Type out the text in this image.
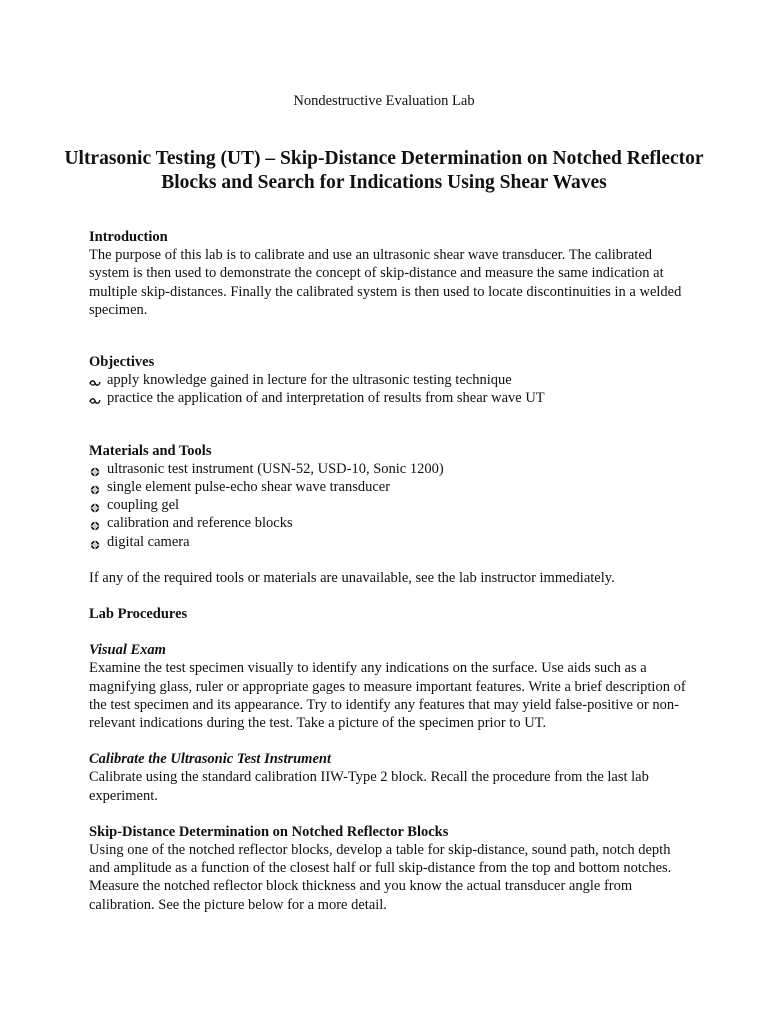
Nondestructive Evaluation Lab
Ultrasonic Testing (UT) – Skip-Distance Determination on Notched Reflector Blocks and Search for Indications Using Shear Waves

Introduction

The purpose of this lab is to calibrate and use an ultrasonic shear wave transducer. The calibrated system is then used to demonstrate the concept of skip-distance and measure the same indication at multiple skip-distances. Finally the calibrated system is then used to locate discontinuities in a welded specimen.

Objectives

apply knowledge gained in lecture for the ultrasonic testing technique
practice the application of and interpretation of results from shear wave UT

Materials and Tools

ultrasonic test instrument (USN-52, USD-10, Sonic 1200)
single element pulse-echo shear wave transducer
coupling gel
calibration and reference blocks
digital camera

If any of the required tools or materials are unavailable, see the lab instructor immediately.

Lab Procedures

Visual Exam

Examine the test specimen visually to identify any indications on the surface. Use aids such as a magnifying glass, ruler or appropriate gages to measure important features. Write a brief description of the test specimen and its appearance. Try to identify any features that may yield false-positive or non-relevant indications during the test. Take a picture of the specimen prior to UT.

Calibrate the Ultrasonic Test Instrument

Calibrate using the standard calibration IIW-Type 2 block. Recall the procedure from the last lab experiment.

Skip-Distance Determination on Notched Reflector Blocks

Using one of the notched reflector blocks, develop a table for skip-distance, sound path, notch depth and amplitude as a function of the closest half or full skip-distance from the top and bottom notches. Measure the notched reflector block thickness and you know the actual transducer angle from calibration. See the picture below for a more detail.
